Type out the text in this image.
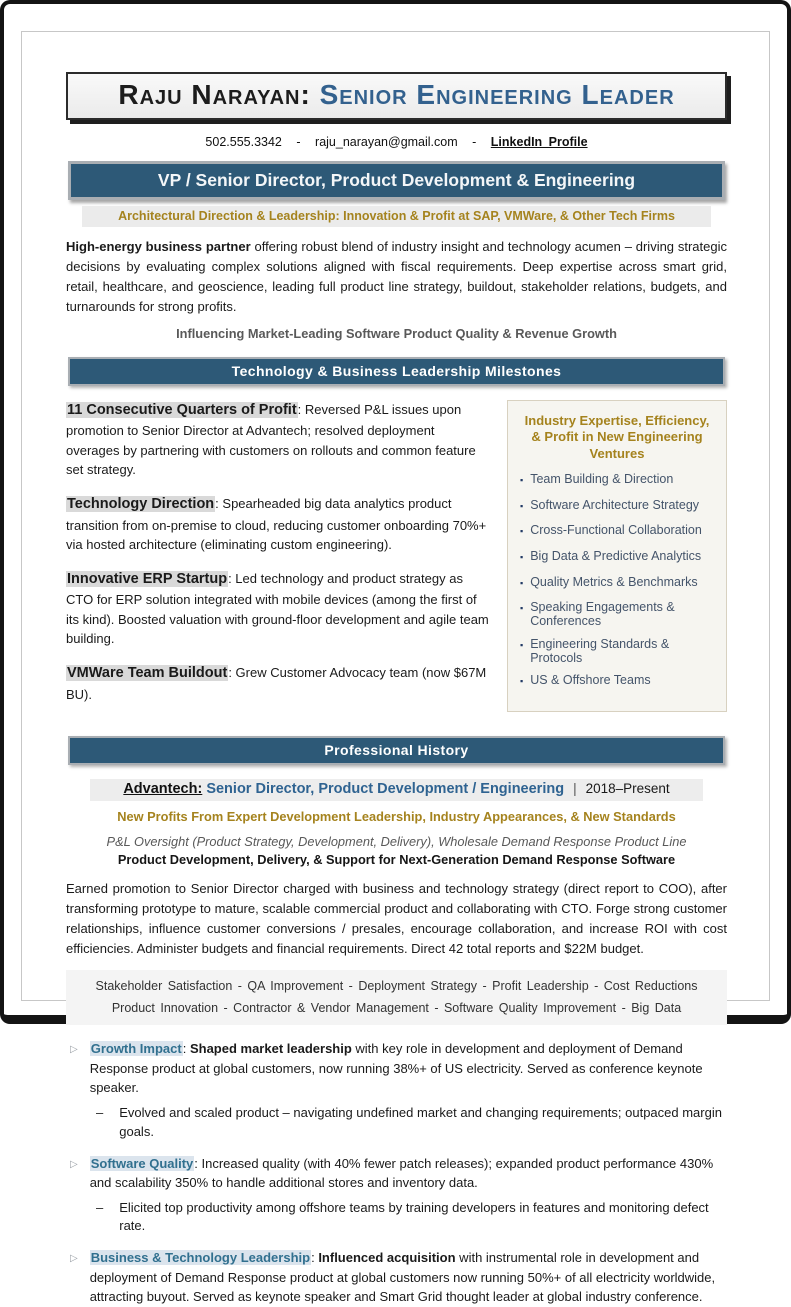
Raju Narayan: Senior Engineering Leader
502.555.3342 - raju_narayan@gmail.com - LinkedIn Profile
VP / Senior Director, Product Development & Engineering
Architectural Direction & Leadership: Innovation & Profit at SAP, VMWare, & Other Tech Firms

High-energy business partner offering robust blend of industry insight and technology acumen – driving strategic decisions by evaluating complex solutions aligned with fiscal requirements. Deep expertise across smart grid, retail, healthcare, and geoscience, leading full product line strategy, buildout, stakeholder relations, budgets, and turnarounds for strong profits.

Influencing Market-Leading Software Product Quality & Revenue Growth
Technology & Business Leadership Milestones

11 Consecutive Quarters of Profit: Reversed P&L issues upon promotion to Senior Director at Advantech; resolved deployment overages by partnering with customers on rollouts and common feature set strategy.

Technology Direction: Spearheaded big data analytics product transition from on-premise to cloud, reducing customer onboarding 70%+ via hosted architecture (eliminating custom engineering).

Innovative ERP Startup: Led technology and product strategy as CTO for ERP solution integrated with mobile devices (among the first of its kind). Boosted valuation with ground-floor development and agile team building.

VMWare Team Buildout: Grew Customer Advocacy team (now $67M BU).

Industry Expertise, Efficiency, & Profit in New Engineering Ventures
▪ Team Building & Direction
▪ Software Architecture Strategy
▪ Cross-Functional Collaboration
▪ Big Data & Predictive Analytics
▪ Quality Metrics & Benchmarks
▪ Speaking Engagements & Conferences
▪ Engineering Standards & Protocols
▪ US & Offshore Teams
Professional History
Advantech: Senior Director, Product Development / Engineering | 2018–Present
New Profits From Expert Development Leadership, Industry Appearances, & New Standards
P&L Oversight (Product Strategy, Development, Delivery), Wholesale Demand Response Product Line
Product Development, Delivery, & Support for Next-Generation Demand Response Software

Earned promotion to Senior Director charged with business and technology strategy (direct report to COO), after transforming prototype to mature, scalable commercial product and collaborating with CTO. Forge strong customer relationships, influence customer conversions / presales, encourage collaboration, and increase ROI with cost efficiencies. Administer budgets and financial requirements. Direct 42 total reports and $22M budget.

Stakeholder Satisfaction - QA Improvement - Deployment Strategy - Profit Leadership - Cost Reductions
Product Innovation - Contractor & Vendor Management - Software Quality Improvement - Big Data
▷ Growth Impact: Shaped market leadership with key role in development and deployment of Demand Response product at global customers, now running 38%+ of US electricity. Served as conference keynote speaker.
– Evolved and scaled product – navigating undefined market and changing requirements; outpaced margin goals.
▷ Software Quality: Increased quality (with 40% fewer patch releases); expanded product performance 430% and scalability 350% to handle additional stores and inventory data.
– Elicited top productivity among offshore teams by training developers in features and monitoring defect rate.
▷ Business & Technology Leadership: Influenced acquisition with instrumental role in development and deployment of Demand Response product at global customers now running 50%+ of all electricity worldwide, attracting buyout. Served as keynote speaker and Smart Grid thought leader at global industry conference.
